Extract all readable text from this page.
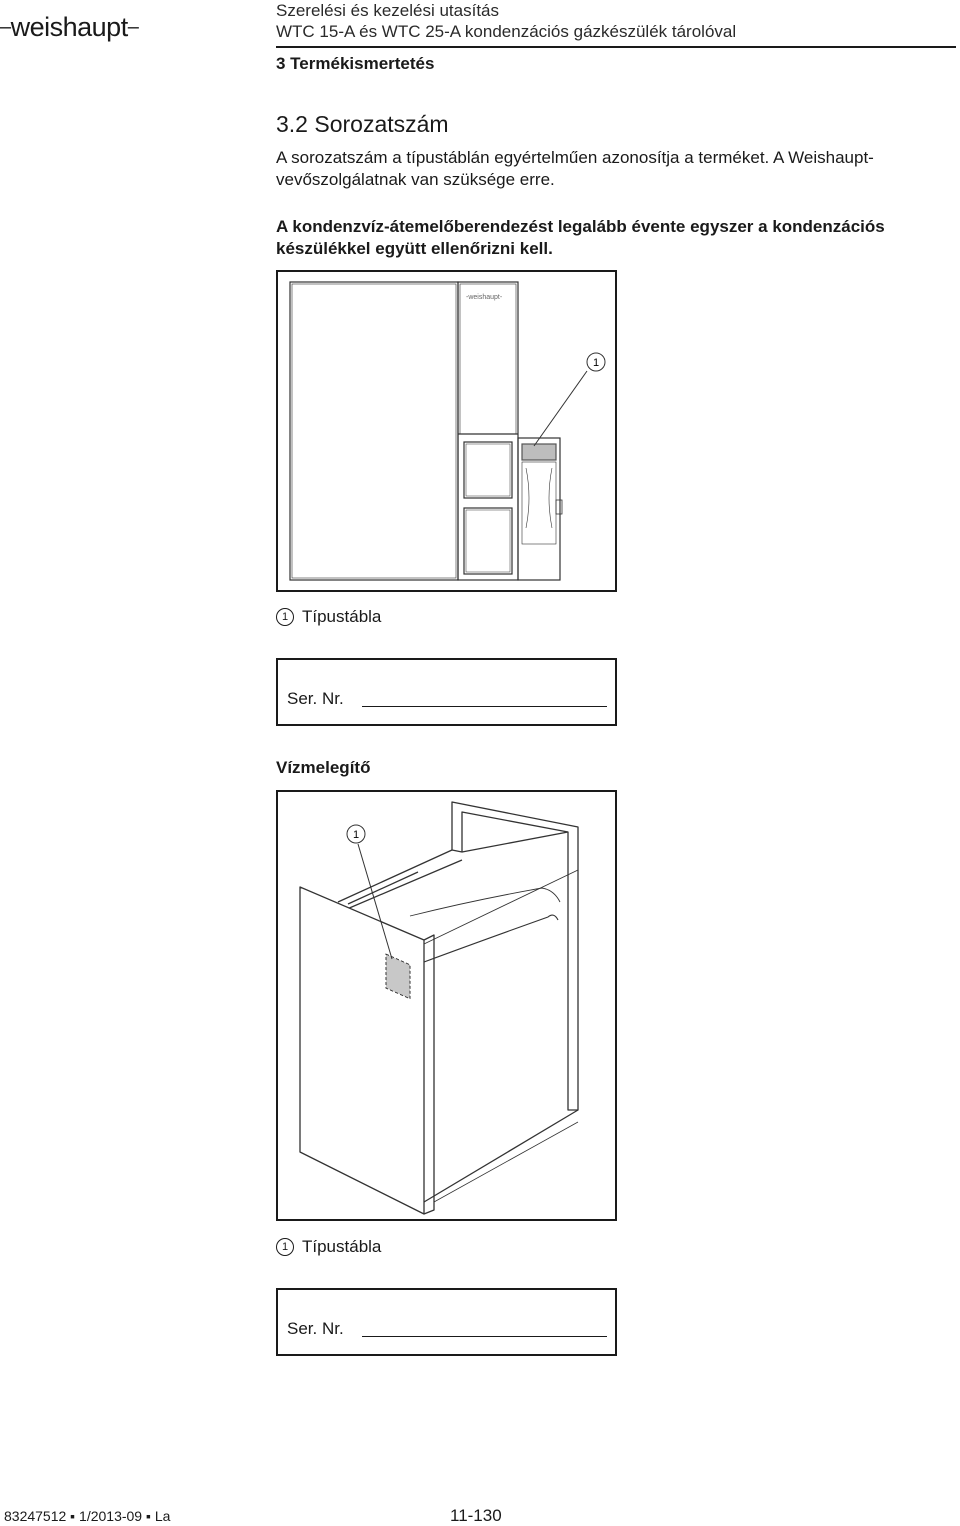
–weishaupt–
Szerelési és kezelési utasítás
WTC 15-A és WTC 25-A kondenzációs gázkészülék tárolóval
3 Termékismertetés
3.2 Sorozatszám
A sorozatszám a típustáblán egyértelműen azonosítja a terméket. A Weishaupt-vevőszolgálatnak van szüksége erre.
A kondenzvíz-átemelőberendezést legalább évente egyszer a kondenzációs készülékkel együtt ellenőrizni kell.
-weishaupt-
1
1 Típustábla
Ser. Nr.
Vízmelegítő
1
1 Típustábla
Ser. Nr.
83247512 ▪ 1/2013-09 ▪ La	11-130
